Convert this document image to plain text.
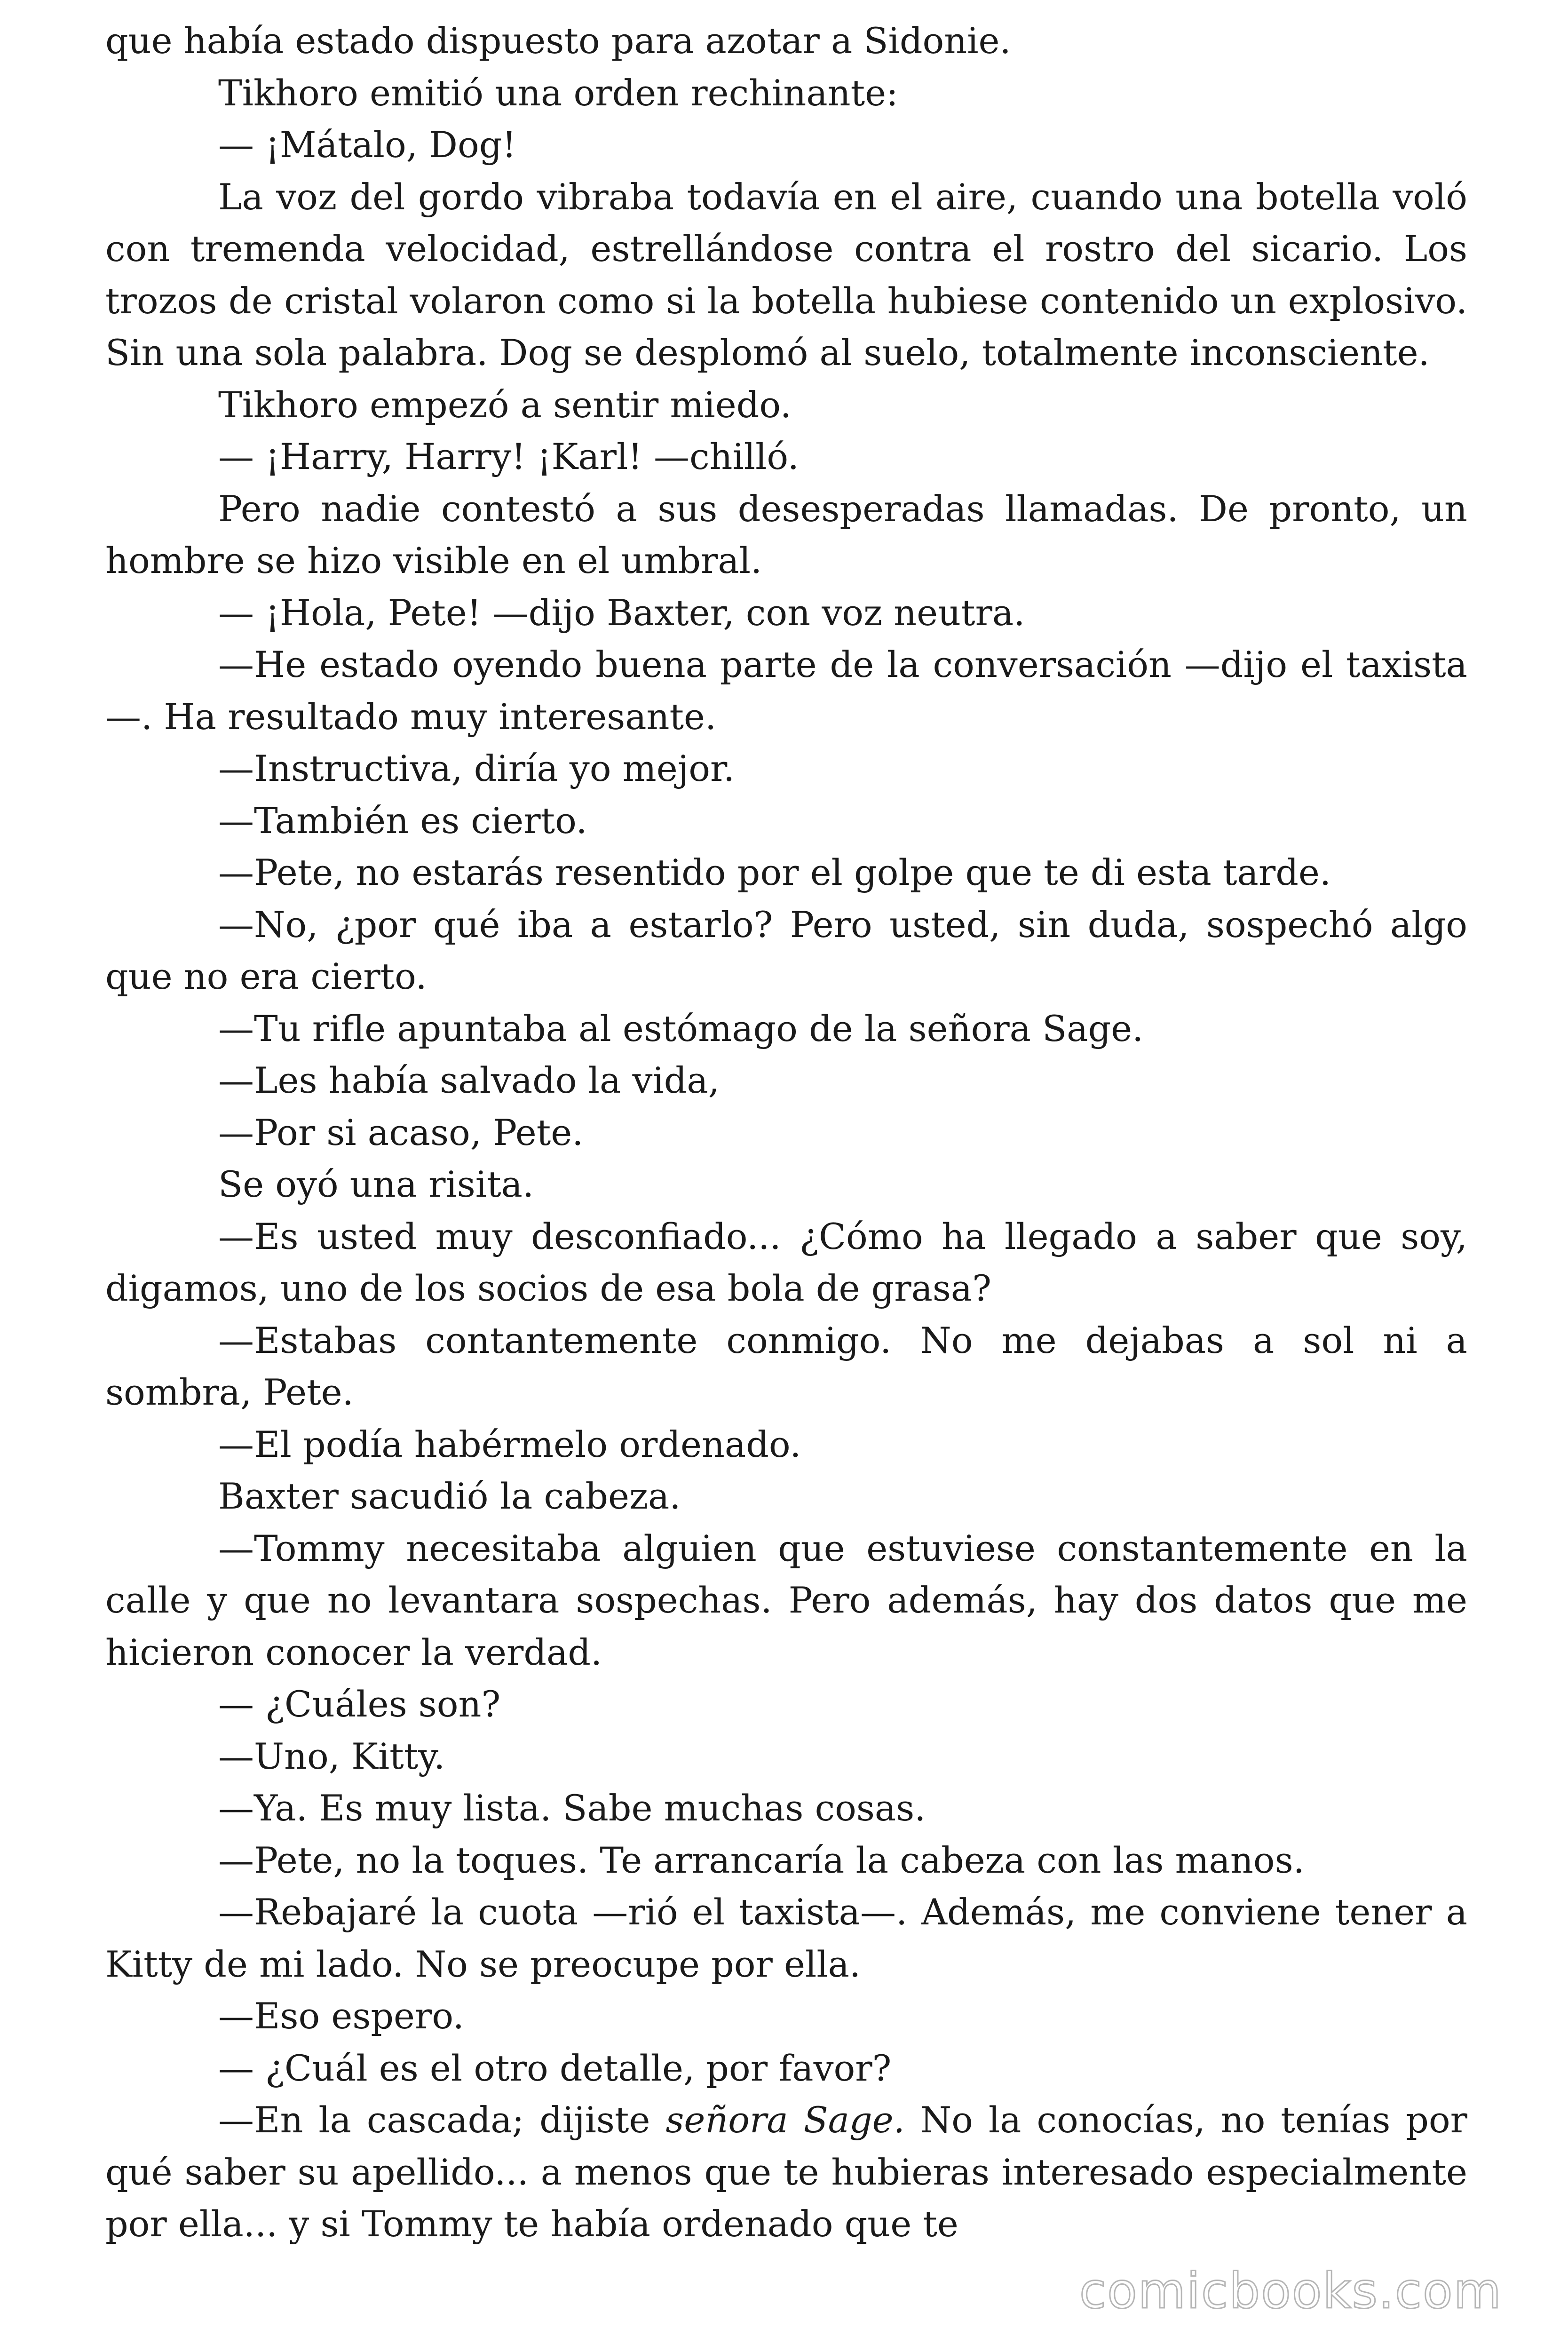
que había estado dispuesto para azotar a Sidonie.

Tikhoro emitió una orden rechinante:

— ¡Mátalo, Dog!

La voz del gordo vibraba todavía en el aire, cuando una botella voló con tremenda velocidad, estrellándose contra el rostro del sicario. Los trozos de cristal volaron como si la botella hubiese contenido un explosivo. Sin una sola palabra. Dog se desplomó al suelo, totalmente inconsciente.

Tikhoro empezó a sentir miedo.

— ¡Harry, Harry! ¡Karl! —chilló.

Pero nadie contestó a sus desesperadas llamadas. De pronto, un hombre se hizo visible en el umbral.

— ¡Hola, Pete! —dijo Baxter, con voz neutra.

—He estado oyendo buena parte de la conversación —dijo el taxista—. Ha resultado muy interesante.

—Instructiva, diría yo mejor.

—También es cierto.

—Pete, no estarás resentido por el golpe que te di esta tarde.

—No, ¿por qué iba a estarlo? Pero usted, sin duda, sospechó algo que no era cierto.

—Tu rifle apuntaba al estómago de la señora Sage.

—Les había salvado la vida,

—Por si acaso, Pete.

Se oyó una risita.

—Es usted muy desconfiado... ¿Cómo ha llegado a saber que soy, digamos, uno de los socios de esa bola de grasa?

—Estabas contantemente conmigo. No me dejabas a sol ni a sombra, Pete.

—El podía habérmelo ordenado.

Baxter sacudió la cabeza.

—Tommy necesitaba alguien que estuviese constantemente en la calle y que no levantara sospechas. Pero además, hay dos datos que me hicieron conocer la verdad.

— ¿Cuáles son?

—Uno, Kitty.

—Ya. Es muy lista. Sabe muchas cosas.

—Pete, no la toques. Te arrancaría la cabeza con las manos.

—Rebajaré la cuota —rió el taxista—. Además, me conviene tener a Kitty de mi lado. No se preocupe por ella.

—Eso espero.

— ¿Cuál es el otro detalle, por favor?

—En la cascada; dijiste señora Sage. No la conocías, no tenías por qué saber su apellido... a menos que te hubieras interesado especialmente por ella... y si Tommy te había ordenado que te

comicbooks.com
